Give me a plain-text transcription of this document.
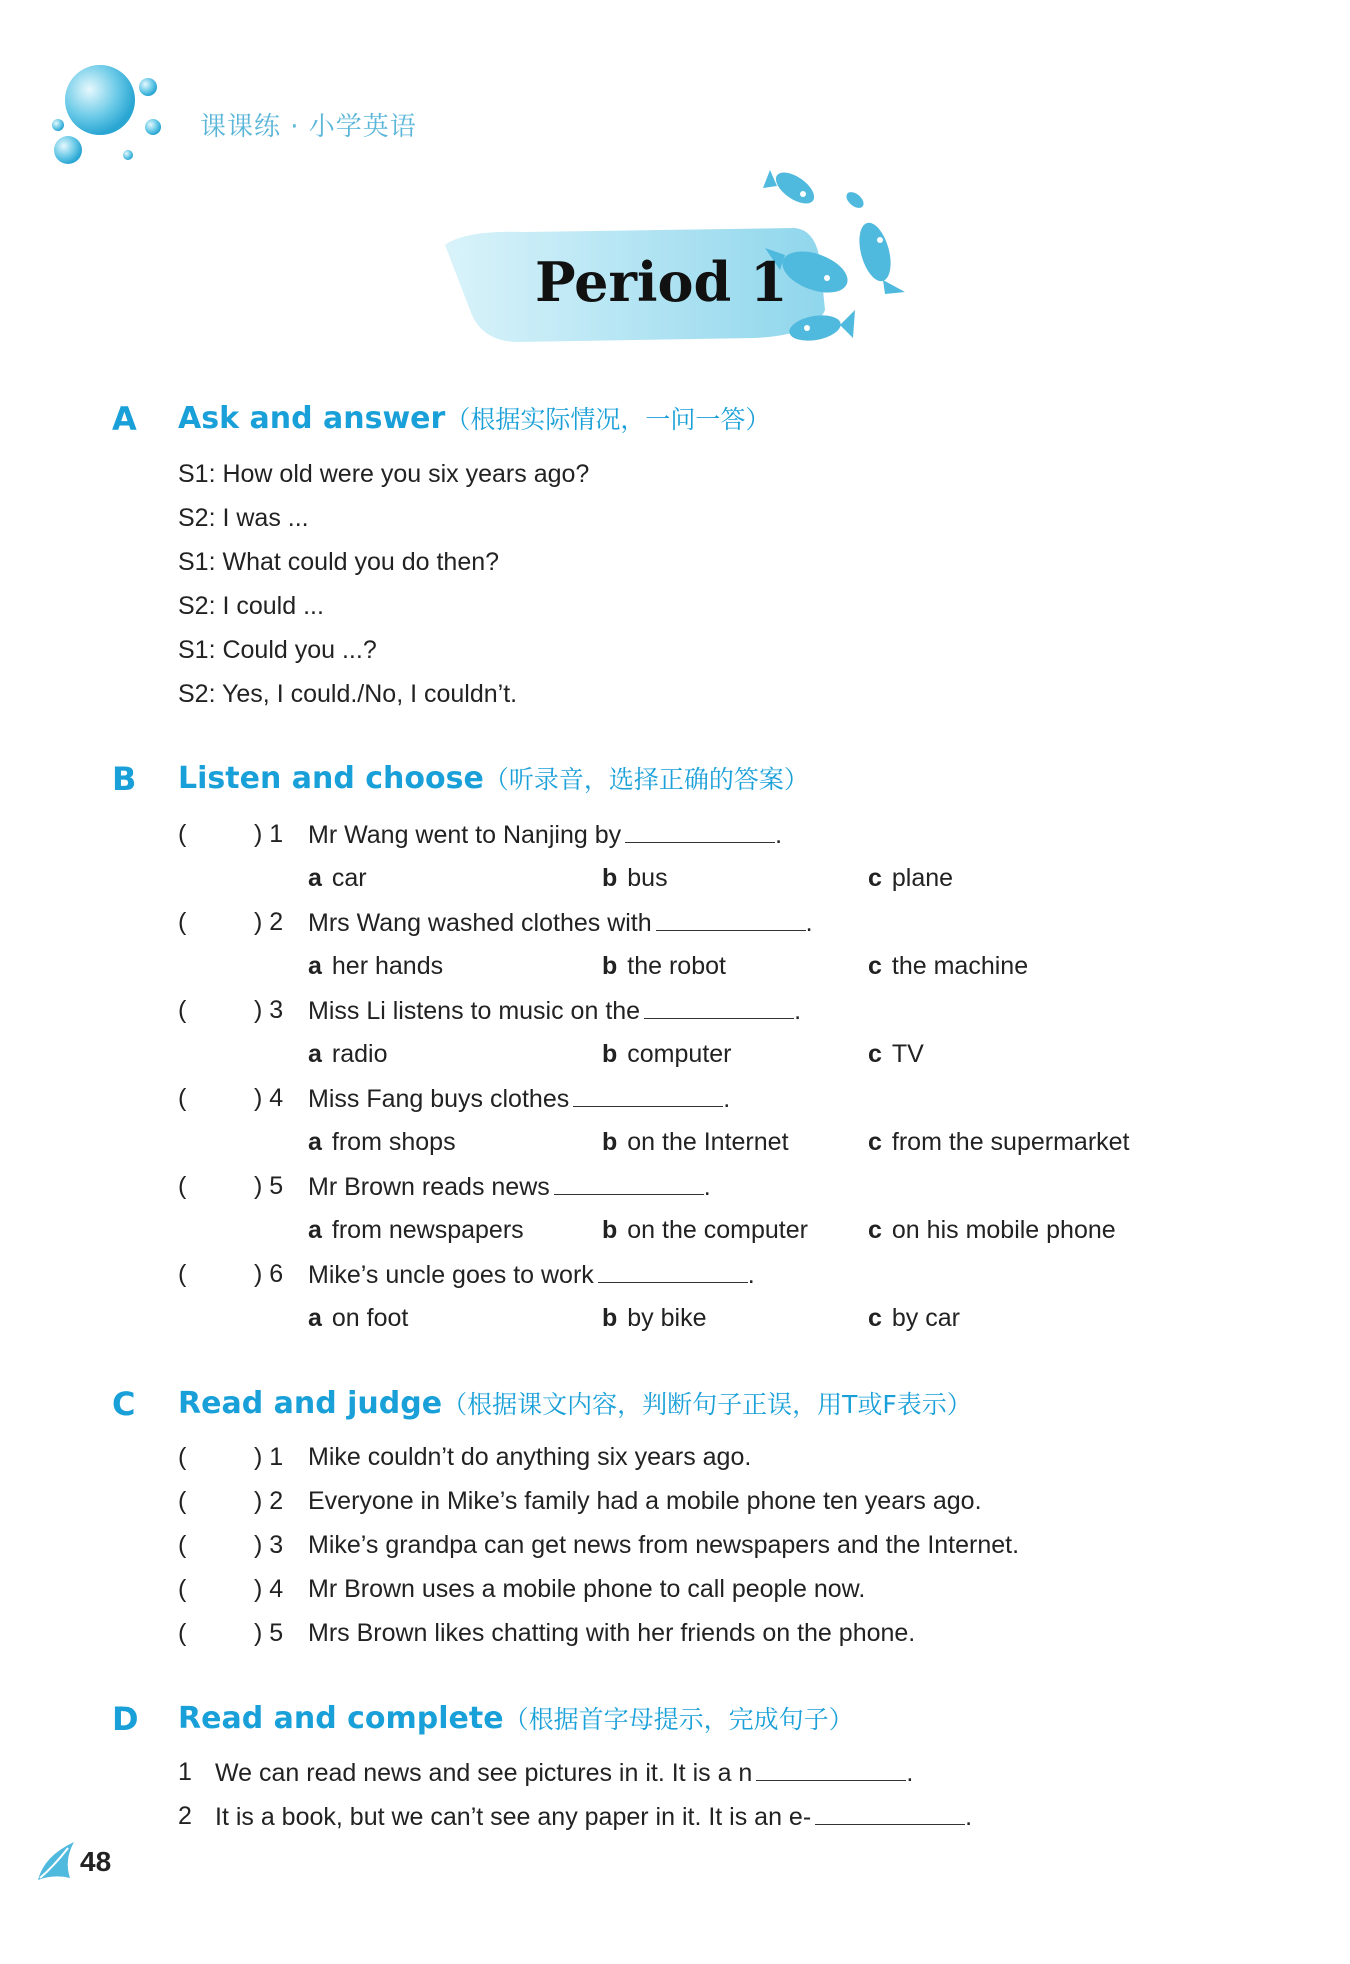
课课练 · 小学英语
Period 1
A Ask and answer（根据实际情况，一问一答）
S1: How old were you six years ago?
S2: I was ...
S1: What could you do then?
S2: I could ...
S1: Could you ...?
S2: Yes, I could./No, I couldn’t.
B Listen and choose（听录音，选择正确的答案）
(	) 1 Mr Wang went to Nanjing by	.
a car	b bus	c plane
(	) 2 Mrs Wang washed clothes with	.
a her hands	b the robot	c the machine
(	) 3 Miss Li listens to music on the	.
a radio	b computer	c TV
(	) 4 Miss Fang buys clothes	.
a from shops	b on the Internet	c from the supermarket
(	) 5 Mr Brown reads news	.
a from newspapers	b on the computer c on his mobile phone
(	) 6 Mike’s uncle goes to work	.
a on foot	b by bike	c by car
C Read and judge（根据课文内容，判断句子正误，用T或F表示）
(	) 1 Mike couldn’t do anything six years ago.
(	) 2 Everyone in Mike’s family had a mobile phone ten years ago.
(	) 3 Mike’s grandpa can get news from newspapers and the Internet.
(	) 4 Mr Brown uses a mobile phone to call people now.
(	) 5 Mrs Brown likes chatting with her friends on the phone.
D Read and complete（根据首字母提示，完成句子）
1 We can read news and see pictures in it. It is a n	.
2 It is a book, but we can’t see any paper in it. It is an e-	.
48
